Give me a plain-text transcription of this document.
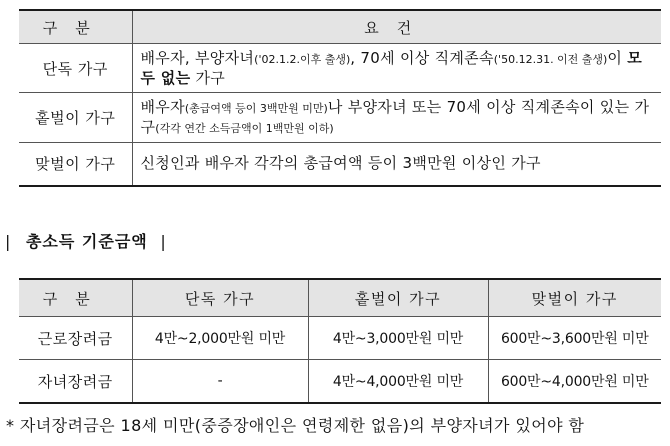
구분	요건
단독 가구	배우자, 부양자녀('02.1.2.이후 출생), 70세 이상 직계존속('50.12.31. 이전 출생)이 모두 없는 가구
홑벌이 가구	배우자(총급여액 등이 3백만원 미만)나 부양자녀 또는 70세 이상 직계존속이 있는 가구(각각 연간 소득금액이 1백만원 이하)
맞벌이 가구	신청인과 배우자 각각의 총급여액 등이 3백만원 이상인 가구
| 총소득 기준금액 |
구분	단독 가구	홑벌이 가구	맞벌이 가구
근로장려금	4만~2,000만원 미만	4만~3,000만원 미만	600만~3,600만원 미만
자녀장려금	-	4만~4,000만원 미만	600만~4,000만원 미만
* 자녀장려금은 18세 미만(중증장애인은 연령제한 없음)의 부양자녀가 있어야 함
